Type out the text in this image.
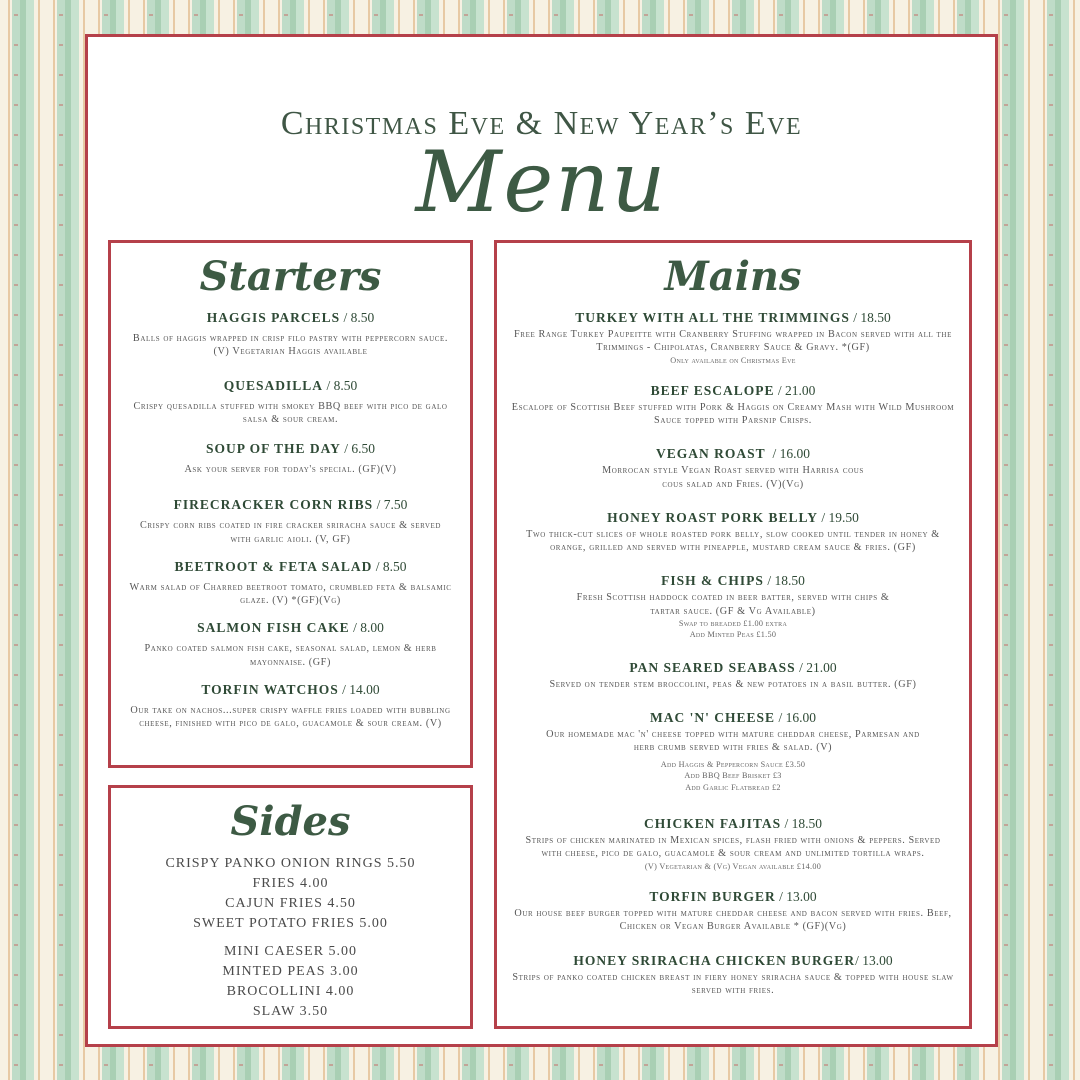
Christmas Eve & New Year’s Eve
Menu
Starters
HAGGIS PARCELS / 8.50
Balls of haggis wrapped in crisp filo pastry with peppercorn sauce.
(V) Vegetarian Haggis available
QUESADILLA / 8.50
Crispy quesadilla stuffed with smokey BBQ beef with pico de galo salsa & sour cream.
SOUP OF THE DAY / 6.50
Ask your server for today's special. (GF)(V)
FIRECRACKER CORN RIBS / 7.50
Crispy corn ribs coated in fire cracker sriracha sauce & served with garlic aioli. (V, GF)
BEETROOT & FETA SALAD / 8.50
Warm salad of Charred beetroot tomato, crumbled feta & balsamic glaze. (V) *(GF)(Vg)
SALMON FISH CAKE / 8.00
Panko coated salmon fish cake, seasonal salad, lemon & herb mayonnaise. (GF)
TORFIN WATCHOS / 14.00
Our take on nachos...super crispy waffle fries loaded with bubbling cheese, finished with pico de galo, guacamole & sour cream. (V)
Sides
CRISPY PANKO ONION RINGS 5.50
FRIES 4.00
CAJUN FRIES 4.50
SWEET POTATO FRIES 5.00
MINI CAESER 5.00
MINTED PEAS 3.00
BROCOLLINI 4.00
SLAW 3.50
Mains
TURKEY WITH ALL THE TRIMMINGS / 18.50
Free Range Turkey Paupeitte with Cranberry Stuffing wrapped in Bacon served with all the Trimmings - Chipolatas, Cranberry Sauce & Gravy. *(GF)
Only available on Christmas Eve
BEEF ESCALOPE / 21.00
Escalope of Scottish Beef stuffed with Pork & Haggis on Creamy Mash with Wild Mushroom Sauce topped with Parsnip Crisps.
VEGAN ROAST  / 16.00
Morrocan style Vegan Roast served with Harrisa cous cous salad and Fries. (V)(Vg)
HONEY ROAST PORK BELLY / 19.50
Two thick-cut slices of whole roasted pork belly, slow cooked until tender in honey & orange, grilled and served with pineapple, mustard cream sauce & fries. (GF)
FISH & CHIPS / 18.50
Fresh Scottish haddock coated in beer batter, served with chips & tartar sauce. (GF & Vg Available)
Swap to breaded £1.00 extra
Add Minted Peas £1.50
PAN SEARED SEABASS / 21.00
Served on tender stem broccolini, peas & new potatoes in a basil butter. (GF)
MAC 'N' CHEESE / 16.00
Our homemade mac 'n' cheese topped with mature cheddar cheese, Parmesan and herb crumb served with fries & salad. (V)
Add Haggis & Peppercorn Sauce £3.50
Add BBQ Beef Brisket £3
Add Garlic Flatbread £2
CHICKEN FAJITAS / 18.50
Strips of chicken marinated in Mexican spices, flash fried with onions & peppers. Served with cheese, pico de galo, guacamole & sour cream and unlimited tortilla wraps.
(V) Vegetarian & (Vg) Vegan available £14.00
TORFIN BURGER / 13.00
Our house beef burger topped with mature cheddar cheese and bacon served with fries. Beef, Chicken or Vegan Burger Available * (GF)(Vg)
HONEY SRIRACHA CHICKEN BURGER/ 13.00
Strips of panko coated chicken breast in fiery honey sriracha sauce & topped with house slaw served with fries.
